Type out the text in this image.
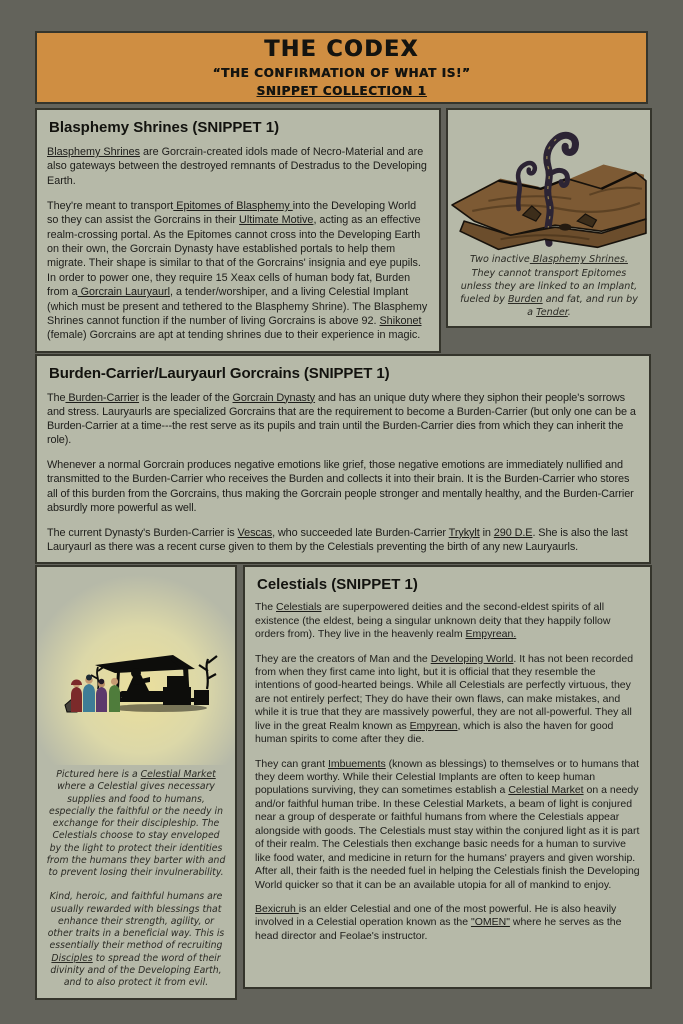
THE CODEX
“THE CONFIRMATION OF WHAT IS!”
SNIPPET COLLECTION 1
Blasphemy Shrines (SNIPPET 1)

Blasphemy Shrines are Gorcrain-created idols made of Necro-Material and are also gateways between the destroyed remnants of Destradus to the Developing Earth.

They're meant to transport Epitomes of Blasphemy into the Developing World so they can assist the Gorcrains in their Ultimate Motive, acting as an effective realm-crossing portal. As the Epitomes cannot cross into the Developing Earth on their own, the Gorcrain Dynasty have established portals to help them migrate. Their shape is similar to that of the Gorcrains' insignia and eye pupils. In order to power one, they require 15 Xeax cells of human body fat, Burden from a Gorcrain Lauryaurl, a tender/worshiper, and a living Celestial Implant (which must be present and tethered to the Blasphemy Shrine). The Blasphemy Shrines cannot function if the number of living Gorcrains is above 92. Shikonet (female) Gorcrains are apt at tending shrines due to their experience in magic.

Two inactive Blasphemy Shrines. They cannot transport Epitomes unless they are linked to an Implant, fueled by Burden and fat, and run by a Tender.

Burden-Carrier/Lauryaurl Gorcrains (SNIPPET 1)

The Burden-Carrier is the leader of the Gorcrain Dynasty and has an unique duty where they siphon their people's sorrows and stress. Lauryaurls are specialized Gorcrains that are the requirement to become a Burden-Carrier (but only one can be a Burden-Carrier at a time---the rest serve as its pupils and train until the Burden-Carrier dies from which they can inherit the role).

Whenever a normal Gorcrain produces negative emotions like grief, those negative emotions are immediately nullified and transmitted to the Burden-Carrier who receives the Burden and collects it into their brain. It is the Burden-Carrier who stores all of this burden from the Gorcrains, thus making the Gorcrain people stronger and mentally healthy, and the Burden-Carrier absurdly more powerful as well.

The current Dynasty's Burden-Carrier is Vescas, who succeeded late Burden-Carrier Trykylt in 290 D.E. She is also the last Lauryaurl as there was a recent curse given to them by the Celestials preventing the birth of any new Lauryaurls.

Pictured here is a Celestial Market where a Celestial gives necessary supplies and food to humans, especially the faithful or the needy in exchange for their discipleship. The Celestials choose to stay enveloped by the light to protect their identities from the humans they barter with and to prevent losing their invulnerability.

Kind, heroic, and faithful humans are usually rewarded with blessings that enhance their strength, agility, or other traits in a beneficial way. This is essentially their method of recruiting Disciples to spread the word of their divinity and of the Developing Earth, and to also protect it from evil.

Celestials (SNIPPET 1)

The Celestials are superpowered deities and the second-eldest spirits of all existence (the eldest, being a singular unknown deity that they happily follow orders from). They live in the heavenly realm Empyrean.

They are the creators of Man and the Developing World. It has not been recorded from when they first came into light, but it is official that they resemble the intentions of good-hearted beings. While all Celestials are perfectly virtuous, they are not entirely perfect; They do have their own flaws, can make mistakes, and while it is true that they are massively powerful, they are not all-powerful. They all live in the great Realm known as Empyrean, which is also the haven for good human spirits to come after they die.

They can grant Imbuements (known as blessings) to themselves or to humans that they deem worthy. While their Celestial Implants are often to keep human populations surviving, they can sometimes establish a Celestial Market on a needy and/or faithful human tribe. In these Celestial Markets, a beam of light is conjured near a group of desperate or faithful humans from where the Celestials appear alongside with goods. The Celestials must stay within the conjured light as it is part of their realm. The Celestials then exchange basic needs for a human to survive like food water, and medicine in return for the humans' prayers and given worship. After all, their faith is the needed fuel in helping the Celestials finish the Developing World quicker so that it can be an available utopia for all of mankind to enjoy.

Bexicruh is an elder Celestial and one of the most powerful. He is also heavily involved in a Celestial operation known as the "OMEN" where he serves as the head director and Feolae's instructor.
